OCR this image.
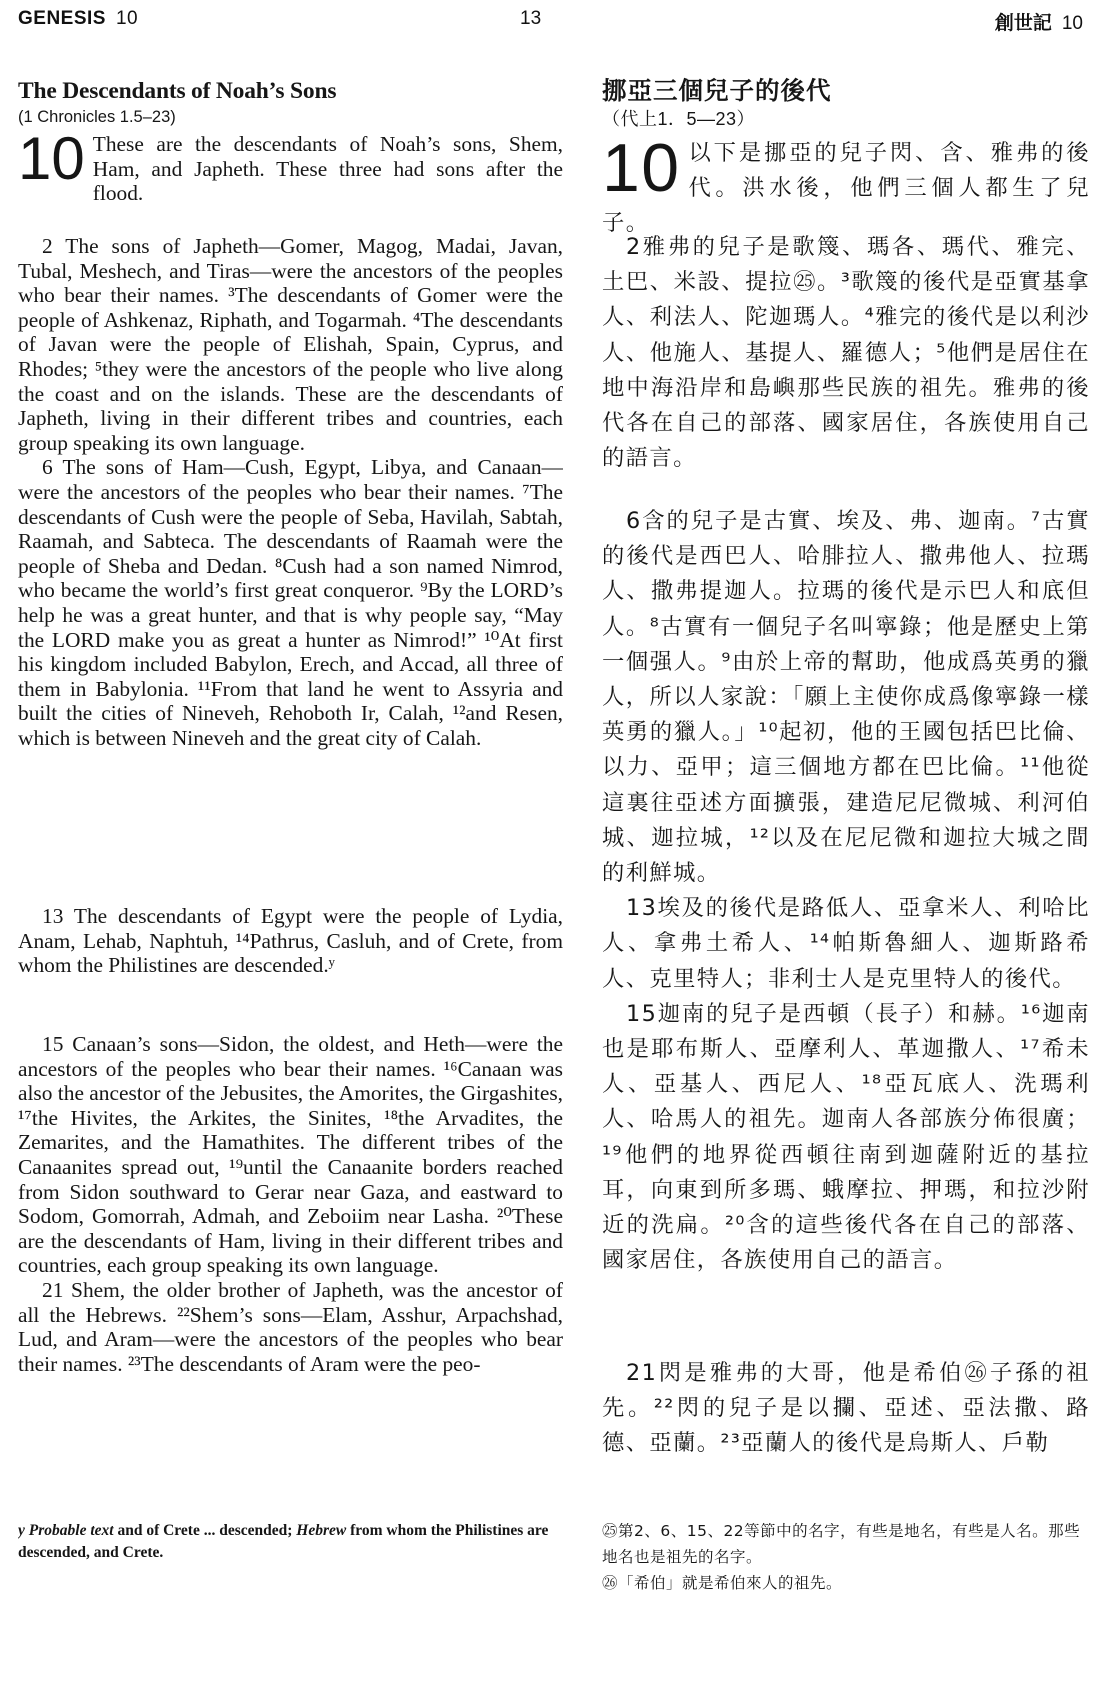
GENESIS 10	13	創世記 10
The Descendants of Noah’s Sons
(1 Chronicles 1.5–23)

10 These are the descendants of Noah’s sons, Shem, Ham, and Japheth. These three had sons after the flood.

2 The sons of Japheth—Gomer, Magog, Madai, Javan, Tubal, Meshech, and Tiras—were the ancestors of the peoples who bear their names. ³The descendants of Gomer were the people of Ashkenaz, Riphath, and Togarmah. ⁴The descendants of Javan were the people of Elishah, Spain, Cyprus, and Rhodes; ⁵they were the ancestors of the people who live along the coast and on the islands. These are the descendants of Japheth, living in their different tribes and countries, each group speaking its own language.

6 The sons of Ham—Cush, Egypt, Libya, and Canaan—were the ancestors of the peoples who bear their names. ⁷The descendants of Cush were the people of Seba, Havilah, Sabtah, Raamah, and Sabteca. The descendants of Raamah were the people of Sheba and Dedan. ⁸Cush had a son named Nimrod, who became the world’s first great conqueror. ⁹By the LORD’s help he was a great hunter, and that is why people say, “May the LORD make you as great a hunter as Nimrod!” ¹⁰At first his kingdom included Babylon, Erech, and Accad, all three of them in Babylonia. ¹¹From that land he went to Assyria and built the cities of Nineveh, Rehoboth Ir, Calah, ¹²and Resen, which is between Nineveh and the great city of Calah.

13 The descendants of Egypt were the people of Lydia, Anam, Lehab, Naphtuh, ¹⁴Pathrus, Casluh, and of Crete, from whom the Philistines are descended.ʸ

15 Canaan’s sons—Sidon, the oldest, and Heth—were the ancestors of the peoples who bear their names. ¹⁶Canaan was also the ancestor of the Jebusites, the Amorites, the Girgashites, ¹⁷the Hivites, the Arkites, the Sinites, ¹⁸the Arvadites, the Zemarites, and the Hamathites. The different tribes of the Canaanites spread out, ¹⁹until the Canaanite borders reached from Sidon southward to Gerar near Gaza, and eastward to Sodom, Gomorrah, Admah, and Zeboiim near Lasha. ²⁰These are the descendants of Ham, living in their different tribes and countries, each group speaking its own language.

21 Shem, the older brother of Japheth, was the ancestor of all the Hebrews. ²²Shem’s sons—Elam, Asshur, Arpachshad, Lud, and Aram—were the ancestors of the peoples who bear their names. ²³The descendants of Aram were the peo-

y Probable text and of Crete ... descended; Hebrew from whom the Philistines are descended, and Crete.
挪亞三個兒子的後代
（代上1．5—23）

10 以下是挪亞的兒子閃、含、雅弗的後代。洪水後，他們三個人都生了兒子。

2雅弗的兒子是歌篾、瑪各、瑪代、雅完、土巴、米設、提拉㉕。³歌篾的後代是亞實基拿人、利法人、陀迦瑪人。⁴雅完的後代是以利沙人、他施人、基提人、羅德人；⁵他們是居住在地中海沿岸和島嶼那些民族的祖先。雅弗的後代各在自己的部落、國家居住，各族使用自己的語言。

6含的兒子是古實、埃及、弗、迦南。⁷古實的後代是西巴人、哈腓拉人、撒弗他人、拉瑪人、撒弗提迦人。拉瑪的後代是示巴人和底但人。⁸古實有一個兒子名叫寧錄；他是歷史上第一個强人。⁹由於上帝的幫助，他成爲英勇的獵人，所以人家說：「願上主使你成爲像寧錄一樣英勇的獵人。」¹⁰起初，他的王國包括巴比倫、以力、亞甲；這三個地方都在巴比倫。¹¹他從這裏往亞述方面擴張，建造尼尼微城、利河伯城、迦拉城，¹²以及在尼尼微和迦拉大城之間的利鮮城。

13埃及的後代是路低人、亞拿米人、利哈比人、拿弗土希人、¹⁴帕斯魯細人、迦斯路希人、克里特人；非利士人是克里特人的後代。

15迦南的兒子是西頓（長子）和赫。¹⁶迦南也是耶布斯人、亞摩利人、革迦撒人、¹⁷希未人、亞基人、西尼人、¹⁸亞瓦底人、洗瑪利人、哈馬人的祖先。迦南人各部族分佈很廣；¹⁹他們的地界從西頓往南到迦薩附近的基拉耳，向東到所多瑪、蛾摩拉、押瑪，和拉沙附近的洗扁。²⁰含的這些後代各在自己的部落、國家居住，各族使用自己的語言。

21閃是雅弗的大哥，他是希伯㉖子孫的祖先。²²閃的兒子是以攔、亞述、亞法撒、路德、亞蘭。²³亞蘭人的後代是烏斯人、戶勒

㉕第2、6、15、22等節中的名字，有些是地名，有些是人名。那些地名也是祖先的名字。
㉖「希伯」就是希伯來人的祖先。
